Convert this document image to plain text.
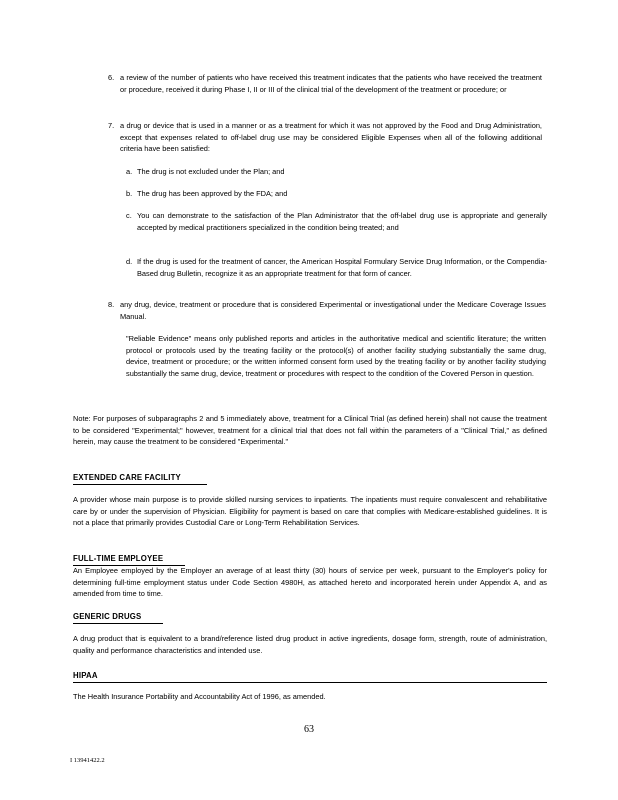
6. a review of the number of patients who have received this treatment indicates that the patients who have received the treatment or procedure, received it during Phase I, II or III of the clinical trial of the development of the treatment or procedure; or

7. a drug or device that is used in a manner or as a treatment for which it was not approved by the Food and Drug Administration, except that expenses related to off-label drug use may be considered Eligible Expenses when all of the following additional criteria have been satisfied:

a. The drug is not excluded under the Plan; and

b. The drug has been approved by the FDA; and

c. You can demonstrate to the satisfaction of the Plan Administrator that the off-label drug use is appropriate and generally accepted by medical practitioners specialized in the condition being treated; and

d. If the drug is used for the treatment of cancer, the American Hospital Formulary Service Drug Information, or the Compendia-Based drug Bulletin, recognize it as an appropriate treatment for that form of cancer.

8. any drug, device, treatment or procedure that is considered Experimental or investigational under the Medicare Coverage Issues Manual.

"Reliable Evidence" means only published reports and articles in the authoritative medical and scientific literature; the written protocol or protocols used by the treating facility or the protocol(s) of another facility studying substantially the same drug, device, treatment or procedure; or the written informed consent form used by the treating facility or by another facility studying substantially the same drug, device, treatment or procedures with respect to the condition of the Covered Person in question.

Note: For purposes of subparagraphs 2 and 5 immediately above, treatment for a Clinical Trial (as defined herein) shall not cause the treatment to be considered "Experimental;" however, treatment for a clinical trial that does not fall within the parameters of a "Clinical Trial," as defined herein, may cause the treatment to be considered "Experimental."

EXTENDED CARE FACILITY

A provider whose main purpose is to provide skilled nursing services to inpatients. The inpatients must require convalescent and rehabilitative care by or under the supervision of Physician. Eligibility for payment is based on care that complies with Medicare-established guidelines. It is not a place that primarily provides Custodial Care or Long-Term Rehabilitation Services.

FULL-TIME EMPLOYEE

An Employee employed by the Employer an average of at least thirty (30) hours of service per week, pursuant to the Employer's policy for determining full-time employment status under Code Section 4980H, as attached hereto and incorporated herein under Appendix A, and as amended from time to time.

GENERIC DRUGS

A drug product that is equivalent to a brand/reference listed drug product in active ingredients, dosage form, strength, route of administration, quality and performance characteristics and intended use.

HIPAA

The Health Insurance Portability and Accountability Act of 1996, as amended.

63
I 13941422.2
